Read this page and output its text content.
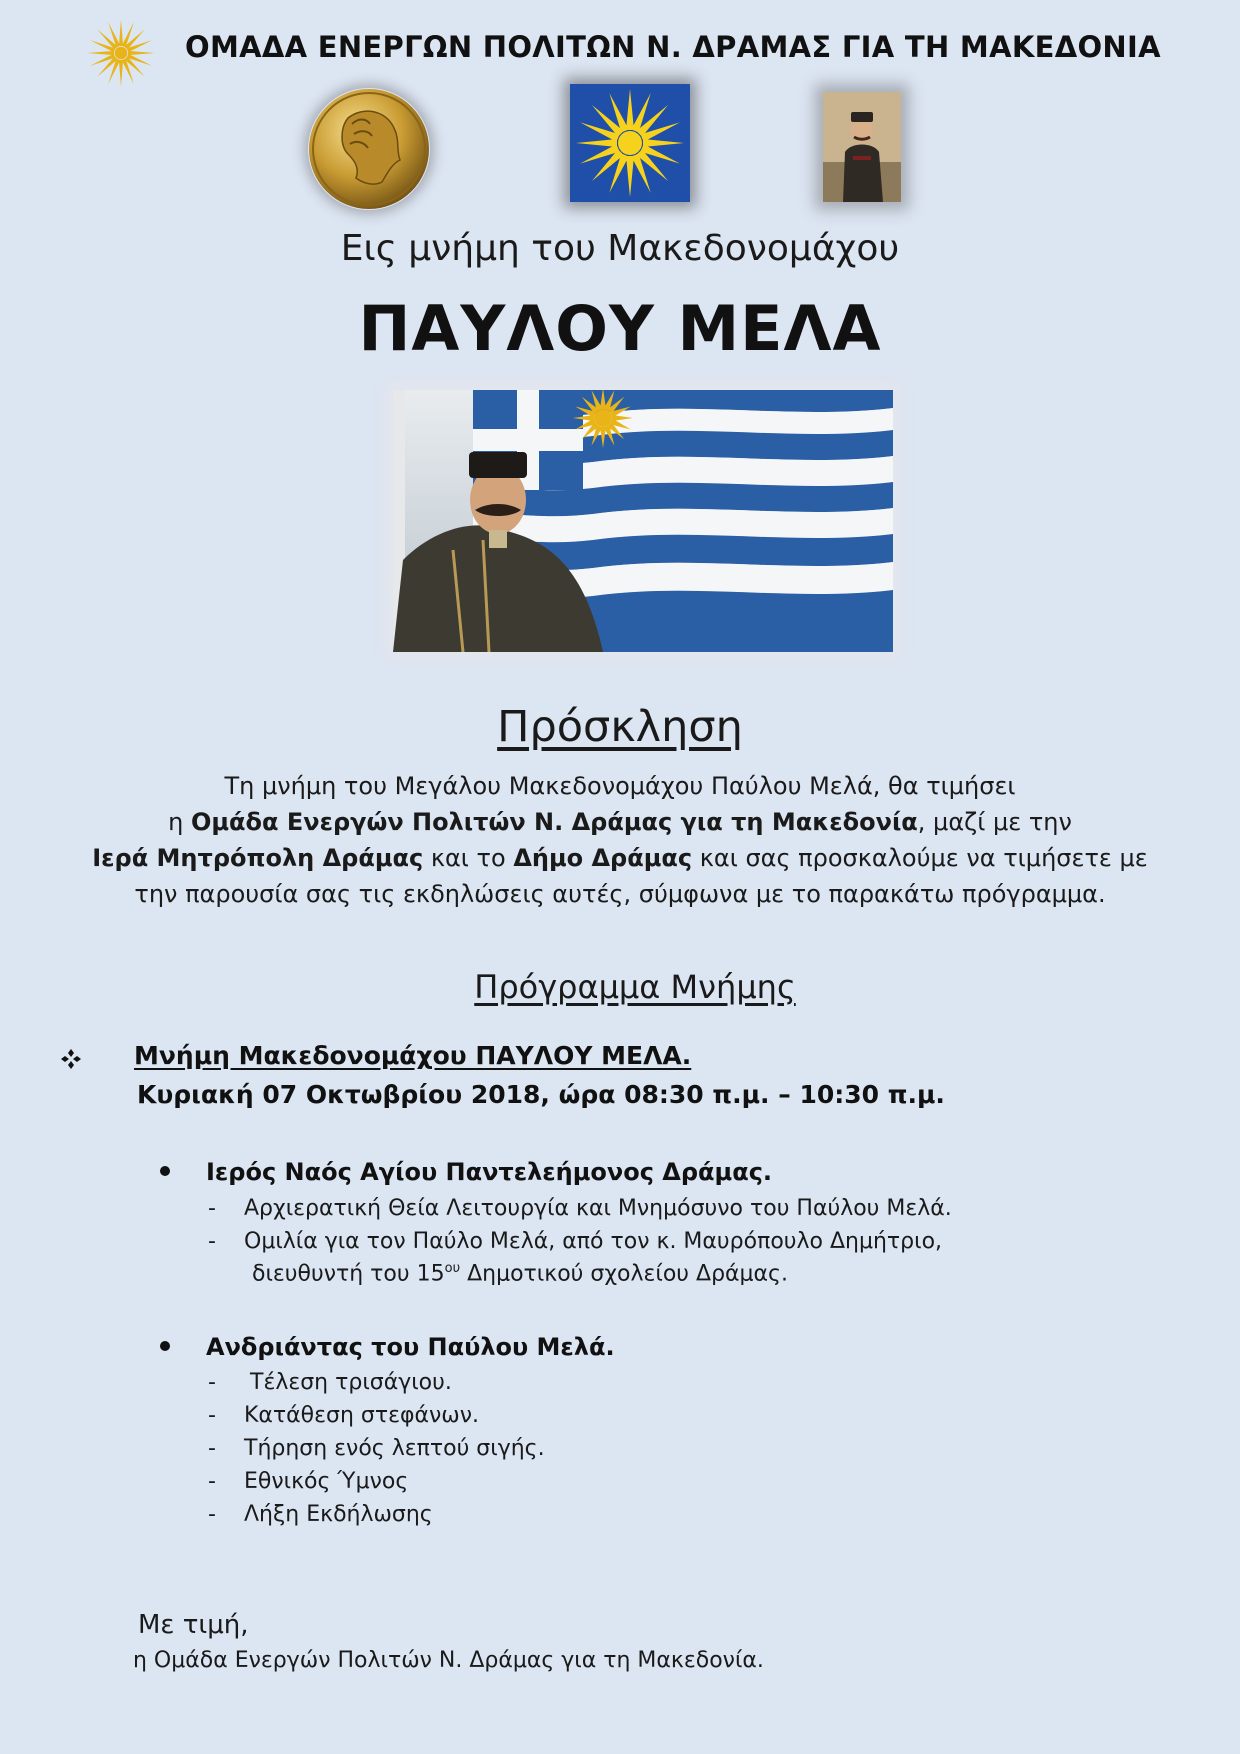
ΟΜΑΔΑ ΕΝΕΡΓΩΝ ΠΟΛΙΤΩΝ Ν. ΔΡΑΜΑΣ ΓΙΑ ΤΗ ΜΑΚΕΔΟΝΙΑ
Εις μνήμη του Μακεδονομάχου
ΠΑΥΛΟΥ ΜΕΛΑ
Πρόσκληση
Τη μνήμη του Μεγάλου Μακεδονομάχου Παύλου Μελά, θα τιμήσει
η Ομάδα Ενεργών Πολιτών Ν. Δράμας για τη Μακεδονία, μαζί με την
Ιερά Μητρόπολη Δράμας και το Δήμο Δράμας και σας προσκαλούμε να τιμήσετε με
την παρουσία σας τις εκδηλώσεις αυτές, σύμφωνα με το παρακάτω πρόγραμμα.
Πρόγραμμα Μνήμης
Μνήμη Μακεδονομάχου ΠΑΥΛΟΥ ΜΕΛΑ.
Κυριακή 07 Οκτωβρίου 2018, ώρα 08:30 π.μ. – 10:30 π.μ.
Ιερός Ναός Αγίου Παντελεήμονος Δράμας.
- Αρχιερατική Θεία Λειτουργία και Μνημόσυνο του Παύλου Μελά.
- Ομιλία για τον Παύλο Μελά, από τον κ. Μαυρόπουλο Δημήτριο,
διευθυντή του $15^{o\upsilon}$ Δημοτικού σχολείου Δράμας.
Ανδριάντας του Παύλου Μελά.
- Τέλεση τρισάγιου.
- Κατάθεση στεφάνων.
- Τήρηση ενός λεπτού σιγής.
- Εθνικός Ύμνος
- Λήξη Εκδήλωσης
Με τιμή,
η Ομάδα Ενεργών Πολιτών Ν. Δράμας για τη Μακεδονία.
